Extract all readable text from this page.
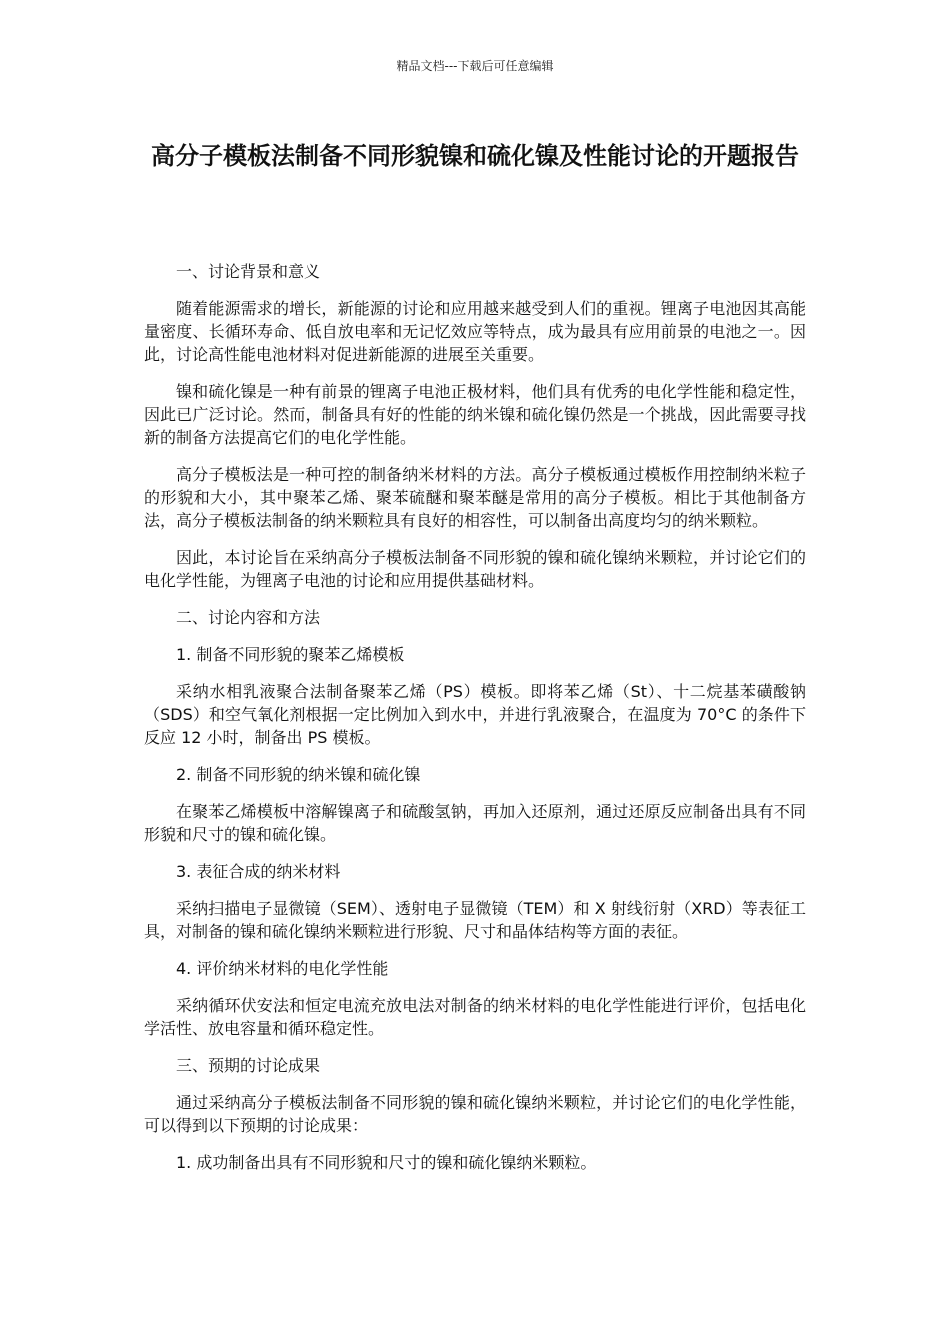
精品文档---下载后可任意编辑
高分子模板法制备不同形貌镍和硫化镍及性能讨论的开题报告
一、讨论背景和意义
随着能源需求的增长，新能源的讨论和应用越来越受到人们的重视。锂离子电池因其高能量密度、长循环寿命、低自放电率和无记忆效应等特点，成为最具有应用前景的电池之一。因此，讨论高性能电池材料对促进新能源的进展至关重要。
镍和硫化镍是一种有前景的锂离子电池正极材料，他们具有优秀的电化学性能和稳定性，因此已广泛讨论。然而，制备具有好的性能的纳米镍和硫化镍仍然是一个挑战，因此需要寻找新的制备方法提高它们的电化学性能。
高分子模板法是一种可控的制备纳米材料的方法。高分子模板通过模板作用控制纳米粒子的形貌和大小，其中聚苯乙烯、聚苯硫醚和聚苯醚是常用的高分子模板。相比于其他制备方法，高分子模板法制备的纳米颗粒具有良好的相容性，可以制备出高度均匀的纳米颗粒。
因此，本讨论旨在采纳高分子模板法制备不同形貌的镍和硫化镍纳米颗粒，并讨论它们的电化学性能，为锂离子电池的讨论和应用提供基础材料。
二、讨论内容和方法
1. 制备不同形貌的聚苯乙烯模板
采纳水相乳液聚合法制备聚苯乙烯（PS）模板。即将苯乙烯（St）、十二烷基苯磺酸钠（SDS）和空气氧化剂根据一定比例加入到水中，并进行乳液聚合，在温度为 70°C 的条件下反应 12 小时，制备出 PS 模板。
2. 制备不同形貌的纳米镍和硫化镍
在聚苯乙烯模板中溶解镍离子和硫酸氢钠，再加入还原剂，通过还原反应制备出具有不同形貌和尺寸的镍和硫化镍。
3. 表征合成的纳米材料
采纳扫描电子显微镜（SEM）、透射电子显微镜（TEM）和 X 射线衍射（XRD）等表征工具，对制备的镍和硫化镍纳米颗粒进行形貌、尺寸和晶体结构等方面的表征。
4. 评价纳米材料的电化学性能
采纳循环伏安法和恒定电流充放电法对制备的纳米材料的电化学性能进行评价，包括电化学活性、放电容量和循环稳定性。
三、预期的讨论成果
通过采纳高分子模板法制备不同形貌的镍和硫化镍纳米颗粒，并讨论它们的电化学性能，可以得到以下预期的讨论成果：
1. 成功制备出具有不同形貌和尺寸的镍和硫化镍纳米颗粒。
